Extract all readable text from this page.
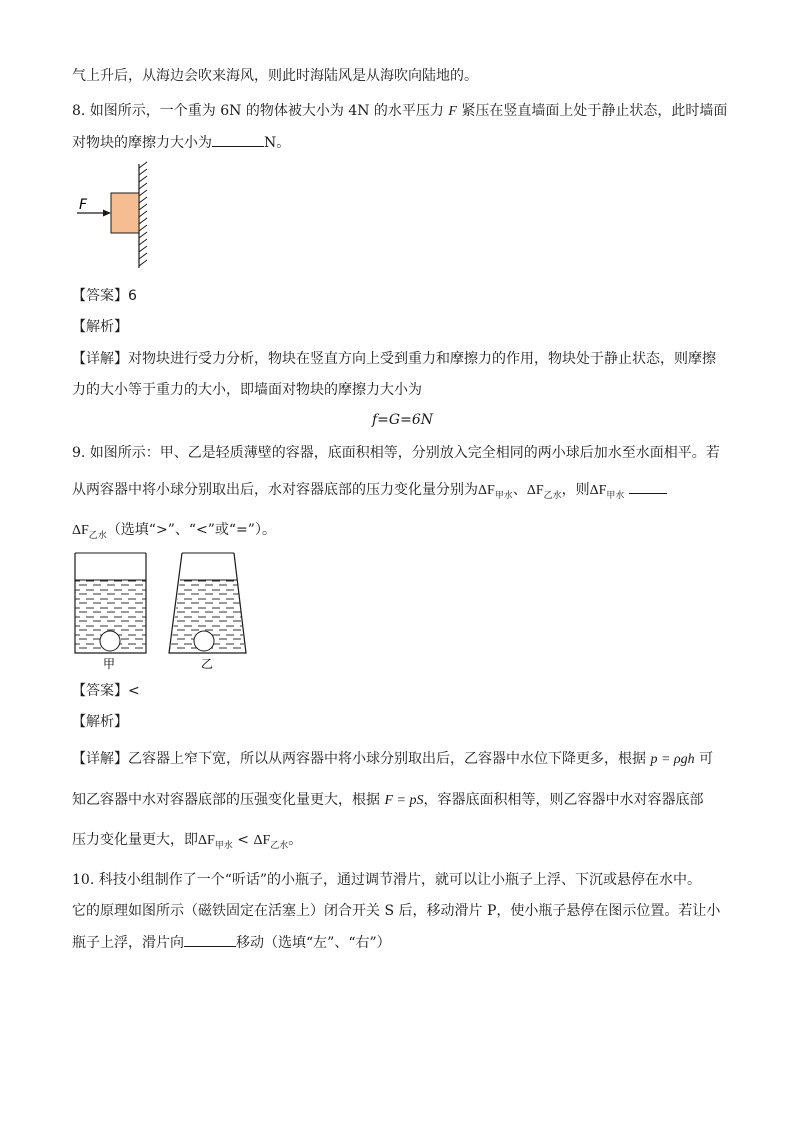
气上升后，从海边会吹来海风，则此时海陆风是从海吹向陆地的。
8. 如图所示，一个重为 6N 的物体被大小为 4N 的水平压力 F 紧压在竖直墙面上处于静止状态，此时墙面
对物块的摩擦力大小为	N。
F
【答案】6
【解析】
【详解】对物块进行受力分析，物块在竖直方向上受到重力和摩擦力的作用，物块处于静止状态，则摩擦
力的大小等于重力的大小，即墙面对物块的摩擦力大小为
f=G=6N
9. 如图所示：甲、乙是轻质薄壁的容器，底面积相等，分别放入完全相同的两小球后加水至水面相平。若
从两容器中将小球分别取出后，水对容器底部的压力变化量分别为$\Delta F_{甲水}$、$\Delta F_{乙水}$，则$\Delta F_{甲水}$
$\Delta F_{乙水}$（选填“>”、“<”或“=”）。
甲	乙
【答案】<
【解析】
【详解】乙容器上窄下宽，所以从两容器中将小球分别取出后，乙容器中水位下降更多，根据 p = ρgh 可
知乙容器中水对容器底部的压强变化量更大，根据 F = pS，容器底面积相等，则乙容器中水对容器底部
压力变化量更大，即$\Delta F_{甲水} < \Delta F_{乙水}$。
10. 科技小组制作了一个“听话”的小瓶子，通过调节滑片，就可以让小瓶子上浮、下沉或悬停在水中。
它的原理如图所示（磁铁固定在活塞上）闭合开关 S 后，移动滑片 P，使小瓶子悬停在图示位置。若让小
瓶子上浮，滑片向	移动（选填“左”、“右”）
